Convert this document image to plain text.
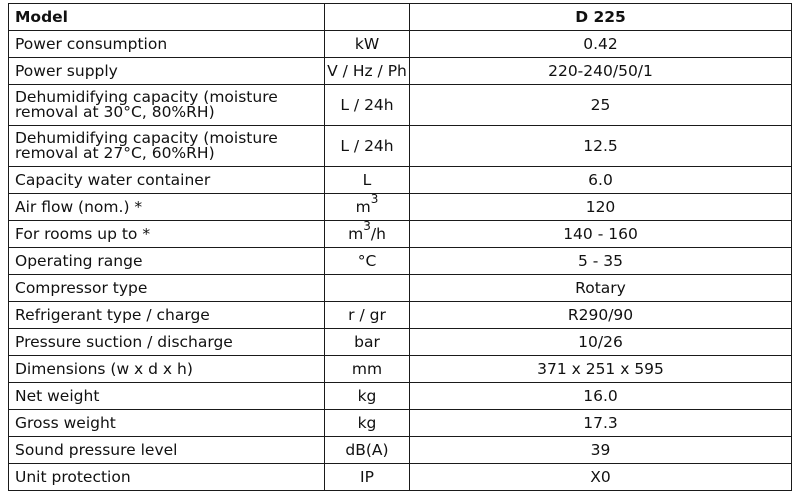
Model		D 225
Power consumption	kW	0.42
Power supply	V / Hz / Ph	220-240/50/1
Dehumidifying capacity (moisture removal at 30°C, 80%RH)	L / 24h	25
Dehumidifying capacity (moisture removal at 27°C, 60%RH)	L / 24h	12.5
Capacity water container	L	6.0
Air flow (nom.) *	$m^3$	120
For rooms up to *	$m^3/h$	140 - 160
Operating range	°C	5 - 35
Compressor type		Rotary
Refrigerant type / charge	r / gr	R290/90
Pressure suction / discharge	bar	10/26
Dimensions (w x d x h)	mm	371 x 251 x 595
Net weight	kg	16.0
Gross weight	kg	17.3
Sound pressure level	dB(A)	39
Unit protection	IP	X0
